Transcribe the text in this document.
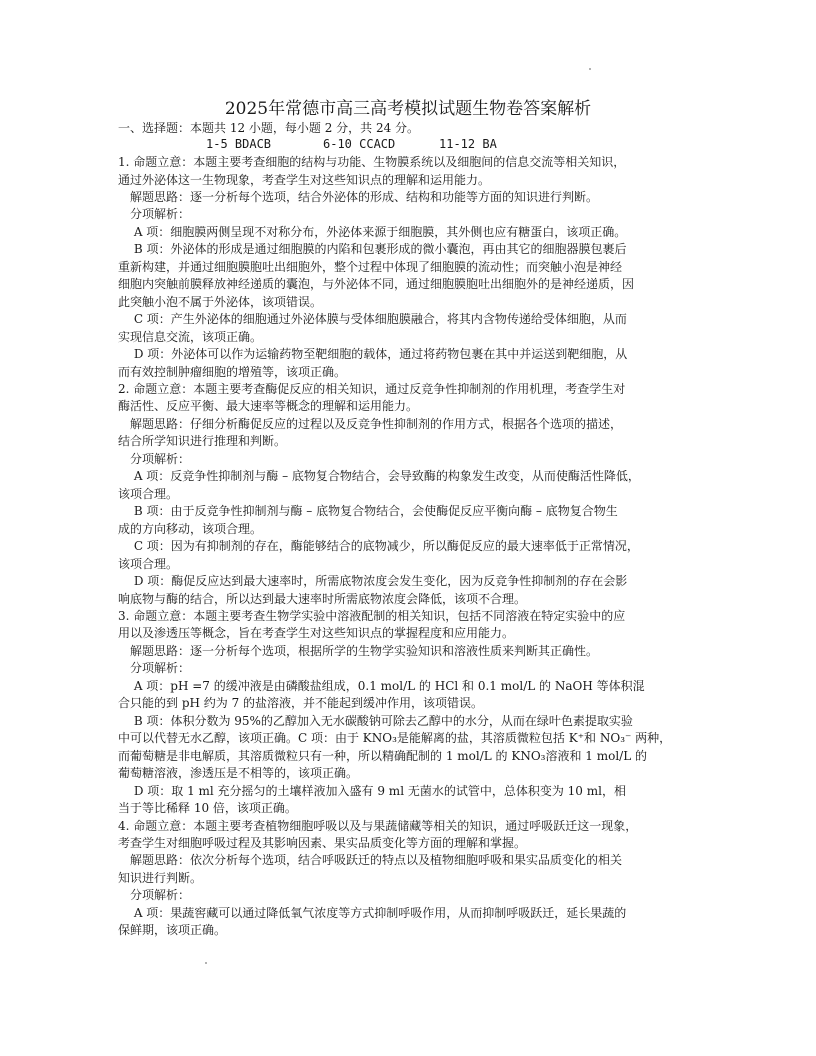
2025年常德市高三高考模拟试题生物卷答案解析
一、选择题：本题共 12 小题，每小题 2 分，共 24 分。
1-5 BDACB	6-10 CCACD	11-12 BA
1. 命题立意：本题主要考查细胞的结构与功能、生物膜系统以及细胞间的信息交流等相关知识，
通过外泌体这一生物现象，考查学生对这些知识点的理解和运用能力。
　解题思路：逐一分析每个选项，结合外泌体的形成、结构和功能等方面的知识进行判断。
　分项解析：
　 A 项：细胞膜两侧呈现不对称分布，外泌体来源于细胞膜，其外侧也应有糖蛋白，该项正确。
　 B 项：外泌体的形成是通过细胞膜的内陷和包裹形成的微小囊泡，再由其它的细胞器膜包裹后
重新构建，并通过细胞膜胞吐出细胞外，整个过程中体现了细胞膜的流动性；而突触小泡是神经
细胞内突触前膜释放神经递质的囊泡，与外泌体不同，通过细胞膜胞吐出细胞外的是神经递质，因
此突触小泡不属于外泌体，该项错误。
　 C 项：产生外泌体的细胞通过外泌体膜与受体细胞膜融合，将其内含物传递给受体细胞，从而
实现信息交流，该项正确。
　 D 项：外泌体可以作为运输药物至靶细胞的载体，通过将药物包裹在其中并运送到靶细胞，从
而有效控制肿瘤细胞的增殖等，该项正确。
2. 命题立意：本题主要考查酶促反应的相关知识，通过反竞争性抑制剂的作用机理，考查学生对
酶活性、反应平衡、最大速率等概念的理解和运用能力。
　解题思路：仔细分析酶促反应的过程以及反竞争性抑制剂的作用方式，根据各个选项的描述，
结合所学知识进行推理和判断。
　分项解析：
　 A 项：反竞争性抑制剂与酶 – 底物复合物结合，会导致酶的构象发生改变，从而使酶活性降低，
该项合理。
　 B 项：由于反竞争性抑制剂与酶 – 底物复合物结合，会使酶促反应平衡向酶 – 底物复合物生
成的方向移动，该项合理。
　 C 项：因为有抑制剂的存在，酶能够结合的底物减少，所以酶促反应的最大速率低于正常情况，
该项合理。
　 D 项：酶促反应达到最大速率时，所需底物浓度会发生变化，因为反竞争性抑制剂的存在会影
响底物与酶的结合，所以达到最大速率时所需底物浓度会降低，该项不合理。
3. 命题立意：本题主要考查生物学实验中溶液配制的相关知识，包括不同溶液在特定实验中的应
用以及渗透压等概念，旨在考查学生对这些知识点的掌握程度和应用能力。
　解题思路：逐一分析每个选项，根据所学的生物学实验知识和溶液性质来判断其正确性。
　分项解析：
　 A 项：pH =7 的缓冲液是由磷酸盐组成，0.1 mol/L 的 HCl 和 0.1 mol/L 的 NaOH 等体积混
合只能的到 pH 约为 7 的盐溶液，并不能起到缓冲作用，该项错误。
　 B 项：体积分数为 95%的乙醇加入无水碳酸钠可除去乙醇中的水分，从而在绿叶色素提取实验
中可以代替无水乙醇，该项正确。C 项：由于 KNO₃是能解离的盐，其溶质微粒包括 K⁺和 NO₃⁻ 两种，
而葡萄糖是非电解质，其溶质微粒只有一种，所以精确配制的 1 mol/L 的 KNO₃溶液和 1 mol/L 的
葡萄糖溶液，渗透压是不相等的，该项正确。
　 D 项：取 1 ml 充分摇匀的土壤样液加入盛有 9 ml 无菌水的试管中，总体积变为 10 ml，相
当于等比稀释 10 倍，该项正确。
4. 命题立意：本题主要考查植物细胞呼吸以及与果蔬储藏等相关的知识，通过呼吸跃迁这一现象，
考查学生对细胞呼吸过程及其影响因素、果实品质变化等方面的理解和掌握。
　解题思路：依次分析每个选项，结合呼吸跃迁的特点以及植物细胞呼吸和果实品质变化的相关
知识进行判断。
　分项解析：
　 A 项：果蔬窖藏可以通过降低氧气浓度等方式抑制呼吸作用，从而抑制呼吸跃迁，延长果蔬的
保鲜期，该项正确。
